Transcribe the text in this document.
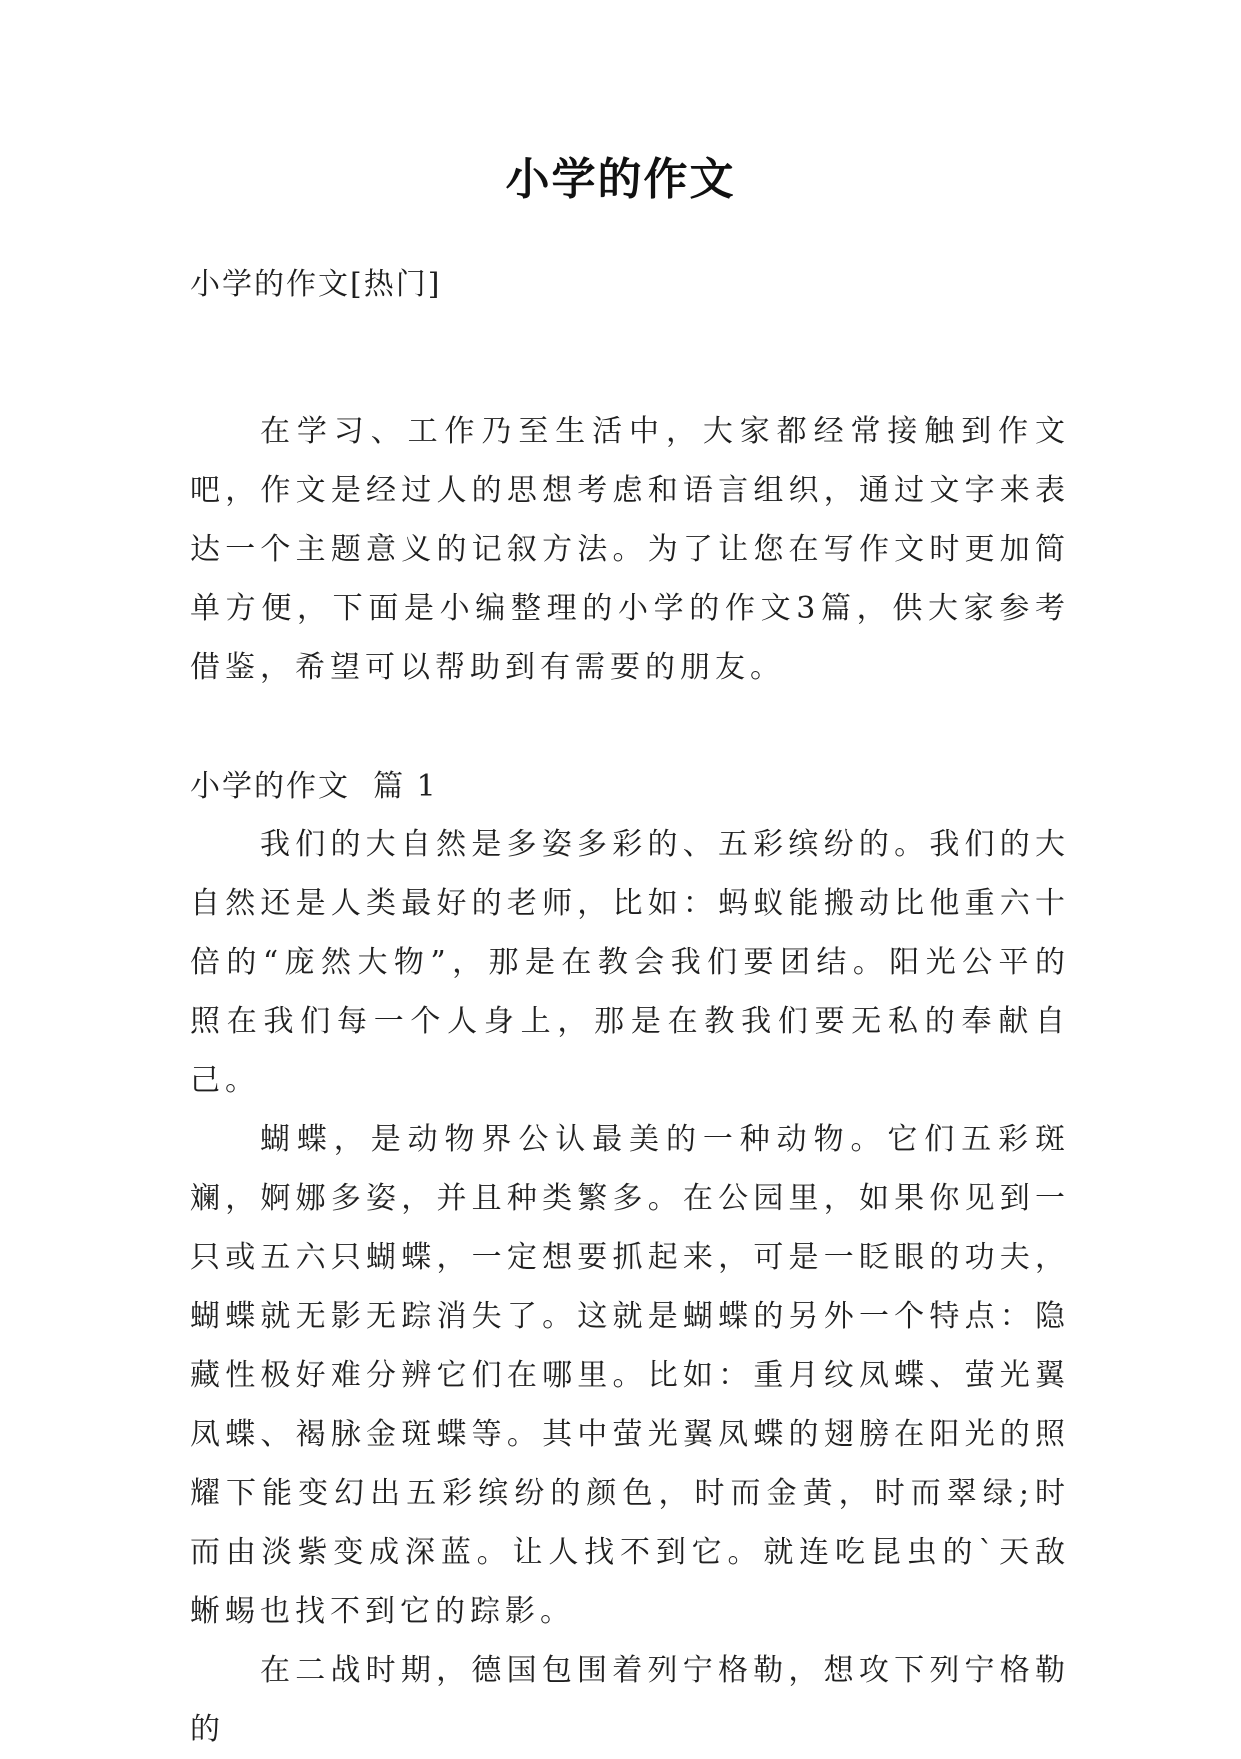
小学的作文
小学的作文[热门]

在学习、工作乃至生活中，大家都经常接触到作文吧，作文是经过人的思想考虑和语言组织，通过文字来表达一个主题意义的记叙方法。为了让您在写作文时更加简单方便，下面是小编整理的小学的作文3篇，供大家参考借鉴，希望可以帮助到有需要的朋友。

小学的作文  篇 1

我们的大自然是多姿多彩的、五彩缤纷的。我们的大自然还是人类最好的老师，比如：蚂蚁能搬动比他重六十倍的“庞然大物”，那是在教会我们要团结。阳光公平的照在我们每一个人身上，那是在教我们要无私的奉献自己。

蝴蝶，是动物界公认最美的一种动物。它们五彩斑斓，婀娜多姿，并且种类繁多。在公园里，如果你见到一只或五六只蝴蝶，一定想要抓起来，可是一眨眼的功夫，蝴蝶就无影无踪消失了。这就是蝴蝶的另外一个特点：隐藏性极好难分辨它们在哪里。比如：重月纹凤蝶、萤光翼凤蝶、褐脉金斑蝶等。其中萤光翼凤蝶的翅膀在阳光的照耀下能变幻出五彩缤纷的颜色，时而金黄，时而翠绿;时而由淡紫变成深蓝。让人找不到它。就连吃昆虫的`天敌蜥蜴也找不到它的踪影。

在二战时期，德国包围着列宁格勒，想攻下列宁格勒的
